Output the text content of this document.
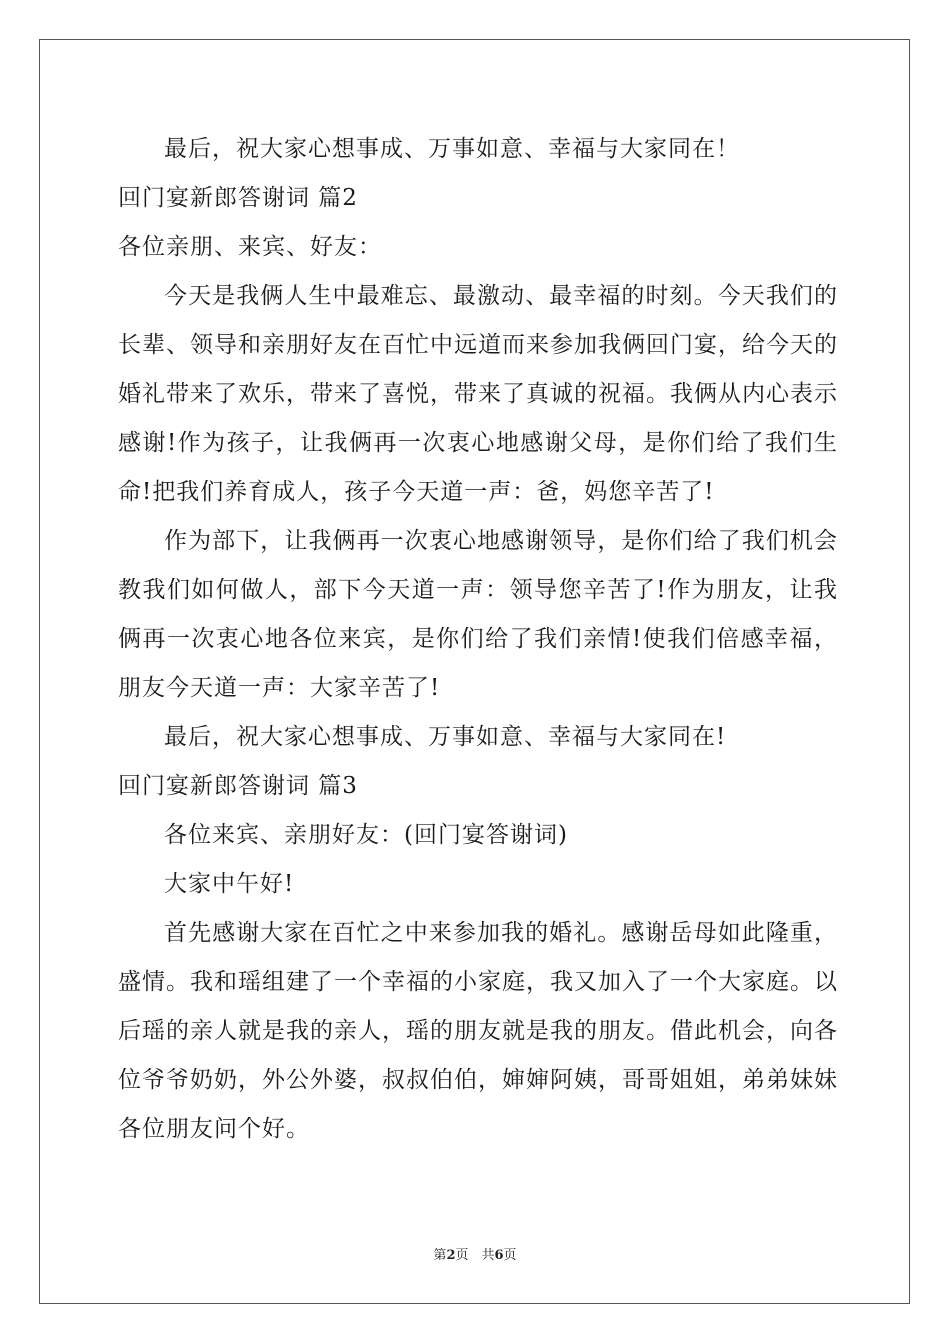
最后，祝大家心想事成、万事如意、幸福与大家同在！
回门宴新郎答谢词 篇2
各位亲朋、来宾、好友：
今天是我俩人生中最难忘、最激动、最幸福的时刻。今天我们的长辈、领导和亲朋好友在百忙中远道而来参加我俩回门宴，给今天的婚礼带来了欢乐，带来了喜悦，带来了真诚的祝福。我俩从内心表示感谢!作为孩子，让我俩再一次衷心地感谢父母，是你们给了我们生命!把我们养育成人，孩子今天道一声：爸，妈您辛苦了!
作为部下，让我俩再一次衷心地感谢领导，是你们给了我们机会教我们如何做人，部下今天道一声：领导您辛苦了!作为朋友，让我俩再一次衷心地各位来宾，是你们给了我们亲情!使我们倍感幸福，朋友今天道一声：大家辛苦了!
最后，祝大家心想事成、万事如意、幸福与大家同在!
回门宴新郎答谢词 篇3
各位来宾、亲朋好友：(回门宴答谢词)
大家中午好!
首先感谢大家在百忙之中来参加我的婚礼。感谢岳母如此隆重，盛情。我和瑶组建了一个幸福的小家庭，我又加入了一个大家庭。以后瑶的亲人就是我的亲人，瑶的朋友就是我的朋友。借此机会，向各位爷爷奶奶，外公外婆，叔叔伯伯，婶婶阿姨，哥哥姐姐，弟弟妹妹各位朋友问个好。
第2页　共6页
